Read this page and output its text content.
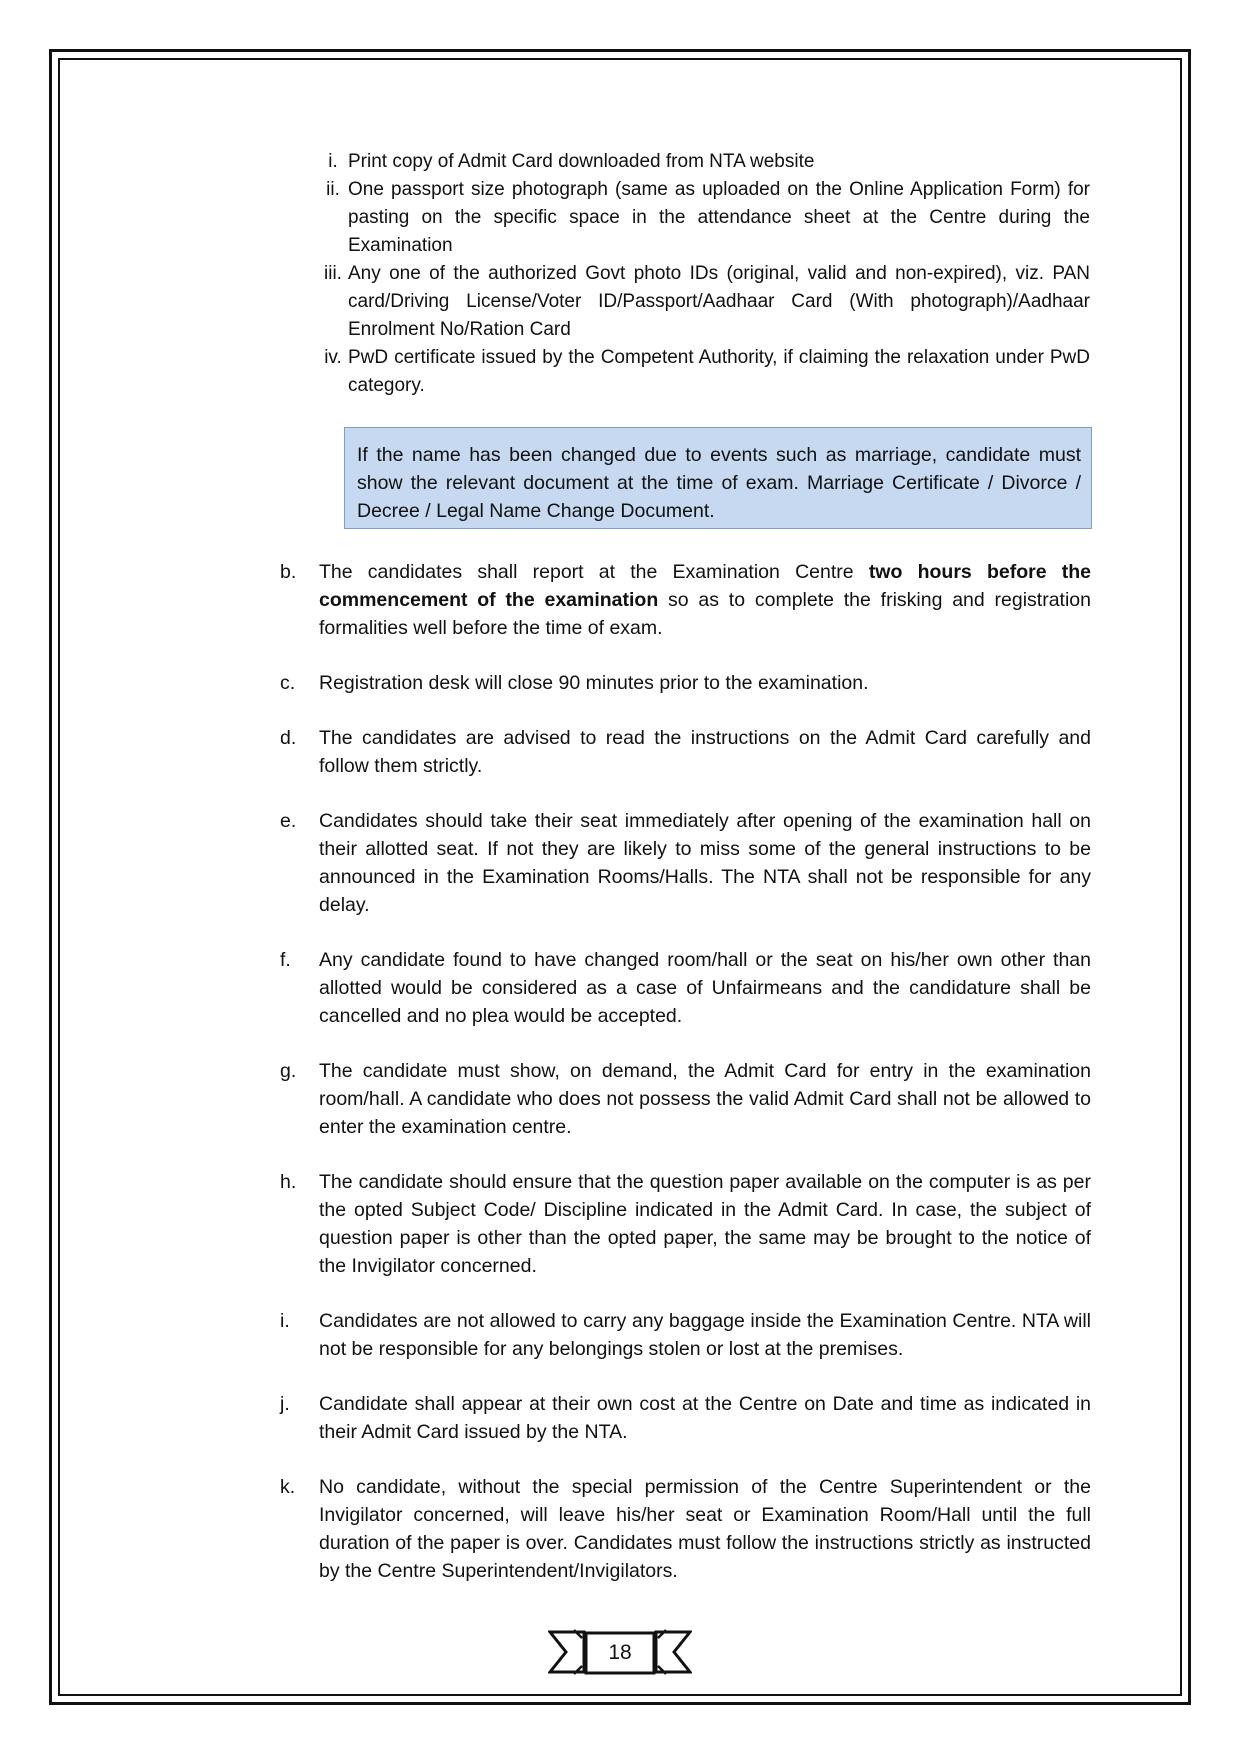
i. Print copy of Admit Card downloaded from NTA website
ii. One passport size photograph (same as uploaded on the Online Application Form) for pasting on the specific space in the attendance sheet at the Centre during the Examination
iii. Any one of the authorized Govt photo IDs (original, valid and non-expired), viz. PAN card/Driving License/Voter ID/Passport/Aadhaar Card (With photograph)/Aadhaar Enrolment No/Ration Card
iv. PwD certificate issued by the Competent Authority, if claiming the relaxation under PwD category.
If the name has been changed due to events such as marriage, candidate must show the relevant document at the time of exam. Marriage Certificate / Divorce / Decree / Legal Name Change Document.
b.	The candidates shall report at the Examination Centre two hours before the commencement of the examination so as to complete the frisking and registration formalities well before the time of exam.
c.	Registration desk will close 90 minutes prior to the examination.
d.	The candidates are advised to read the instructions on the Admit Card carefully and follow them strictly.
e.	Candidates should take their seat immediately after opening of the examination hall on their allotted seat. If not they are likely to miss some of the general instructions to be announced in the Examination Rooms/Halls. The NTA shall not be responsible for any delay.
f.	Any candidate found to have changed room/hall or the seat on his/her own other than allotted would be considered as a case of Unfairmeans and the candidature shall be cancelled and no plea would be accepted.
g.	The candidate must show, on demand, the Admit Card for entry in the examination room/hall. A candidate who does not possess the valid Admit Card shall not be allowed to enter the examination centre.
h.	The candidate should ensure that the question paper available on the computer is as per the opted Subject Code/ Discipline indicated in the Admit Card. In case, the subject of question paper is other than the opted paper, the same may be brought to the notice of the Invigilator concerned.
i.	Candidates are not allowed to carry any baggage inside the Examination Centre. NTA will not be responsible for any belongings stolen or lost at the premises.
j.	Candidate shall appear at their own cost at the Centre on Date and time as indicated in their Admit Card issued by the NTA.
k.	No candidate, without the special permission of the Centre Superintendent or the Invigilator concerned, will leave his/her seat or Examination Room/Hall until the full duration of the paper is over. Candidates must follow the instructions strictly as instructed by the Centre Superintendent/Invigilators.
18
